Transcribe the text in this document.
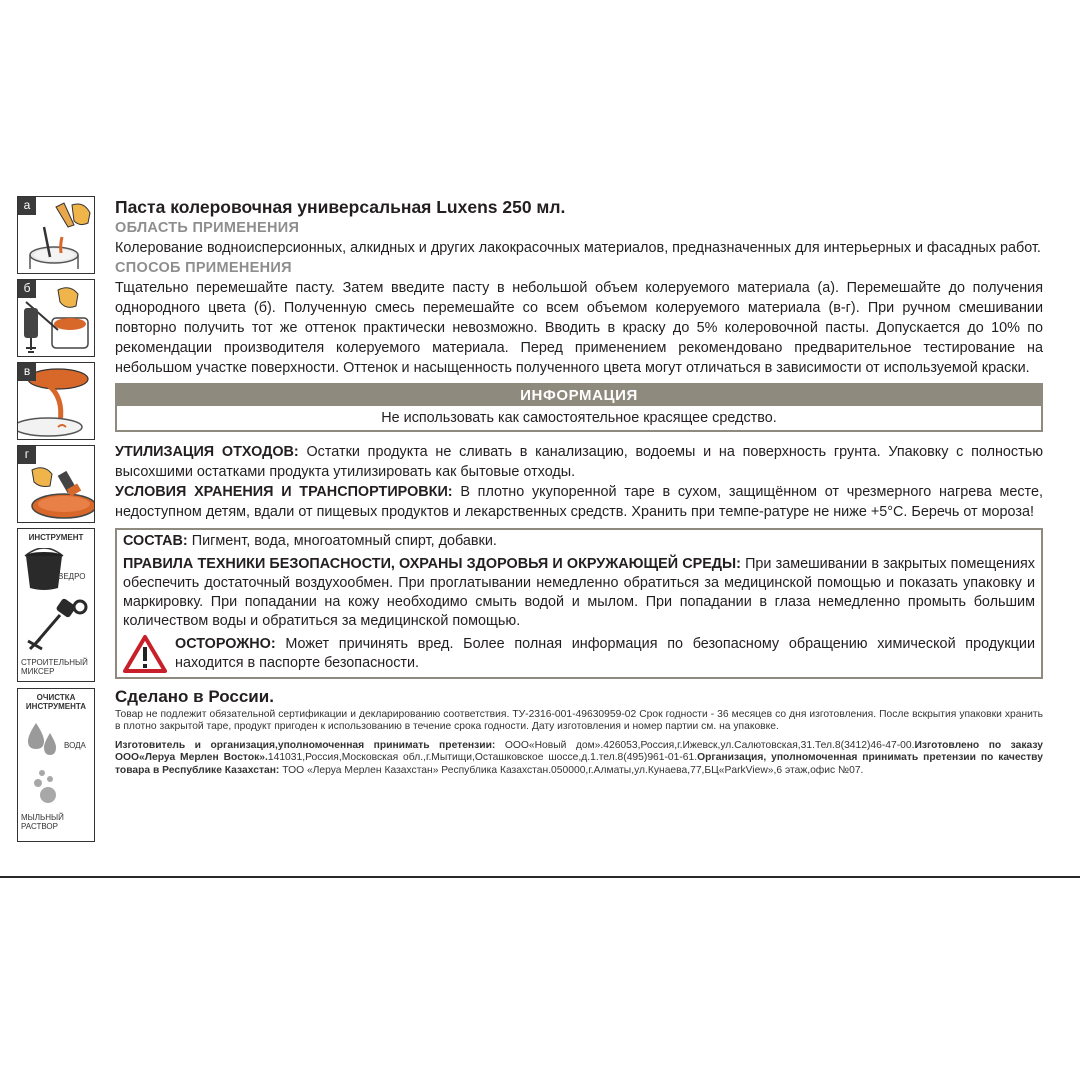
а
б
в
г
ИНСТРУМЕНТ
ВЕДРО
СТРОИТЕЛЬНЫЙ МИКСЕР
ОЧИСТКА ИНСТРУМЕНТА
ВОДА
МЫЛЬНЫЙ РАСТВОР
Паста колеровочная универсальная Luxens 250 мл.
ОБЛАСТЬ ПРИМЕНЕНИЯ
Колерование водноисперсионных, алкидных и других лакокрасочных материалов, предназначенных для интерьерных и фасадных работ.
СПОСОБ ПРИМЕНЕНИЯ
Тщательно перемешайте пасту. Затем введите пасту в небольшой объем колеруемого материала (а). Перемешайте до получения однородного цвета (б). Полученную смесь перемешайте со всем объемом колеруемого материала (в-г). При ручном смешивании повторно получить тот же оттенок практически невозможно. Вводить в краску до 5% колеровочной пасты. Допускается до 10% по рекомендации производителя колеруемого материала. Перед применением рекомендовано предварительное тестирование на небольшом участке поверхности. Оттенок и насыщенность полученного цвета могут отличаться в зависимости от используемой краски.
ИНФОРМАЦИЯ
Не использовать как самостоятельное красящее средство.
УТИЛИЗАЦИЯ ОТХОДОВ: Остатки продукта не сливать в канализацию, водоемы и на поверхность грунта. Упаковку с полностью высохшими остатками продукта утилизировать как бытовые отходы.
УСЛОВИЯ ХРАНЕНИЯ И ТРАНСПОРТИРОВКИ: В плотно укупоренной таре в сухом, защищённом от чрезмерного нагрева месте, недоступном детям, вдали от пищевых продуктов и лекарственных средств. Хранить при темпе-ратуре не ниже +5°С. Беречь от мороза!
СОСТАВ: Пигмент, вода, многоатомный спирт, добавки.
ПРАВИЛА ТЕХНИКИ БЕЗОПАСНОСТИ, ОХРАНЫ ЗДОРОВЬЯ И ОКРУЖАЮЩЕЙ СРЕДЫ: При замешивании в закрытых помещениях обеспечить достаточный воздухообмен. При проглатывании немедленно обратиться за медицинской помощью и показать упаковку и маркировку. При попадании на кожу необходимо смыть водой и мылом. При попадании в глаза немедленно промыть большим количеством воды и обратиться за медицинской помощью.
ОСТОРОЖНО: Может причинять вред. Более полная информация по безопасному обращению химической продукции находится в паспорте безопасности.
Сделано в России.
Товар не подлежит обязательной сертификации и декларированию соответствия. ТУ-2316-001-49630959-02 Срок годности - 36 месяцев со дня изготовления. После вскрытия упаковки хранить в плотно закрытой таре, продукт пригоден к использованию в течение срока годности. Дату изготовления и номер партии см. на упаковке.
Изготовитель и организация,уполномоченная принимать претензии: ООО«Новый дом».426053,Россия,г.Ижевск,ул.Салютовская,31.Тел.8(3412)46-47-00.Изготовлено по заказу ООО«Леруа Мерлен Восток».141031,Россия,Московская обл.,г.Мытищи,Осташковское шоссе,д.1.тел.8(495)961-01-61.Организация, уполномоченная принимать претензии по качеству товара в Республике Казахстан: ТОО «Леруа Мерлен Казахстан» Республика Казахстан.050000,г.Алматы,ул.Кунаева,77,БЦ«ParkView»,6 этаж,офис №07.
